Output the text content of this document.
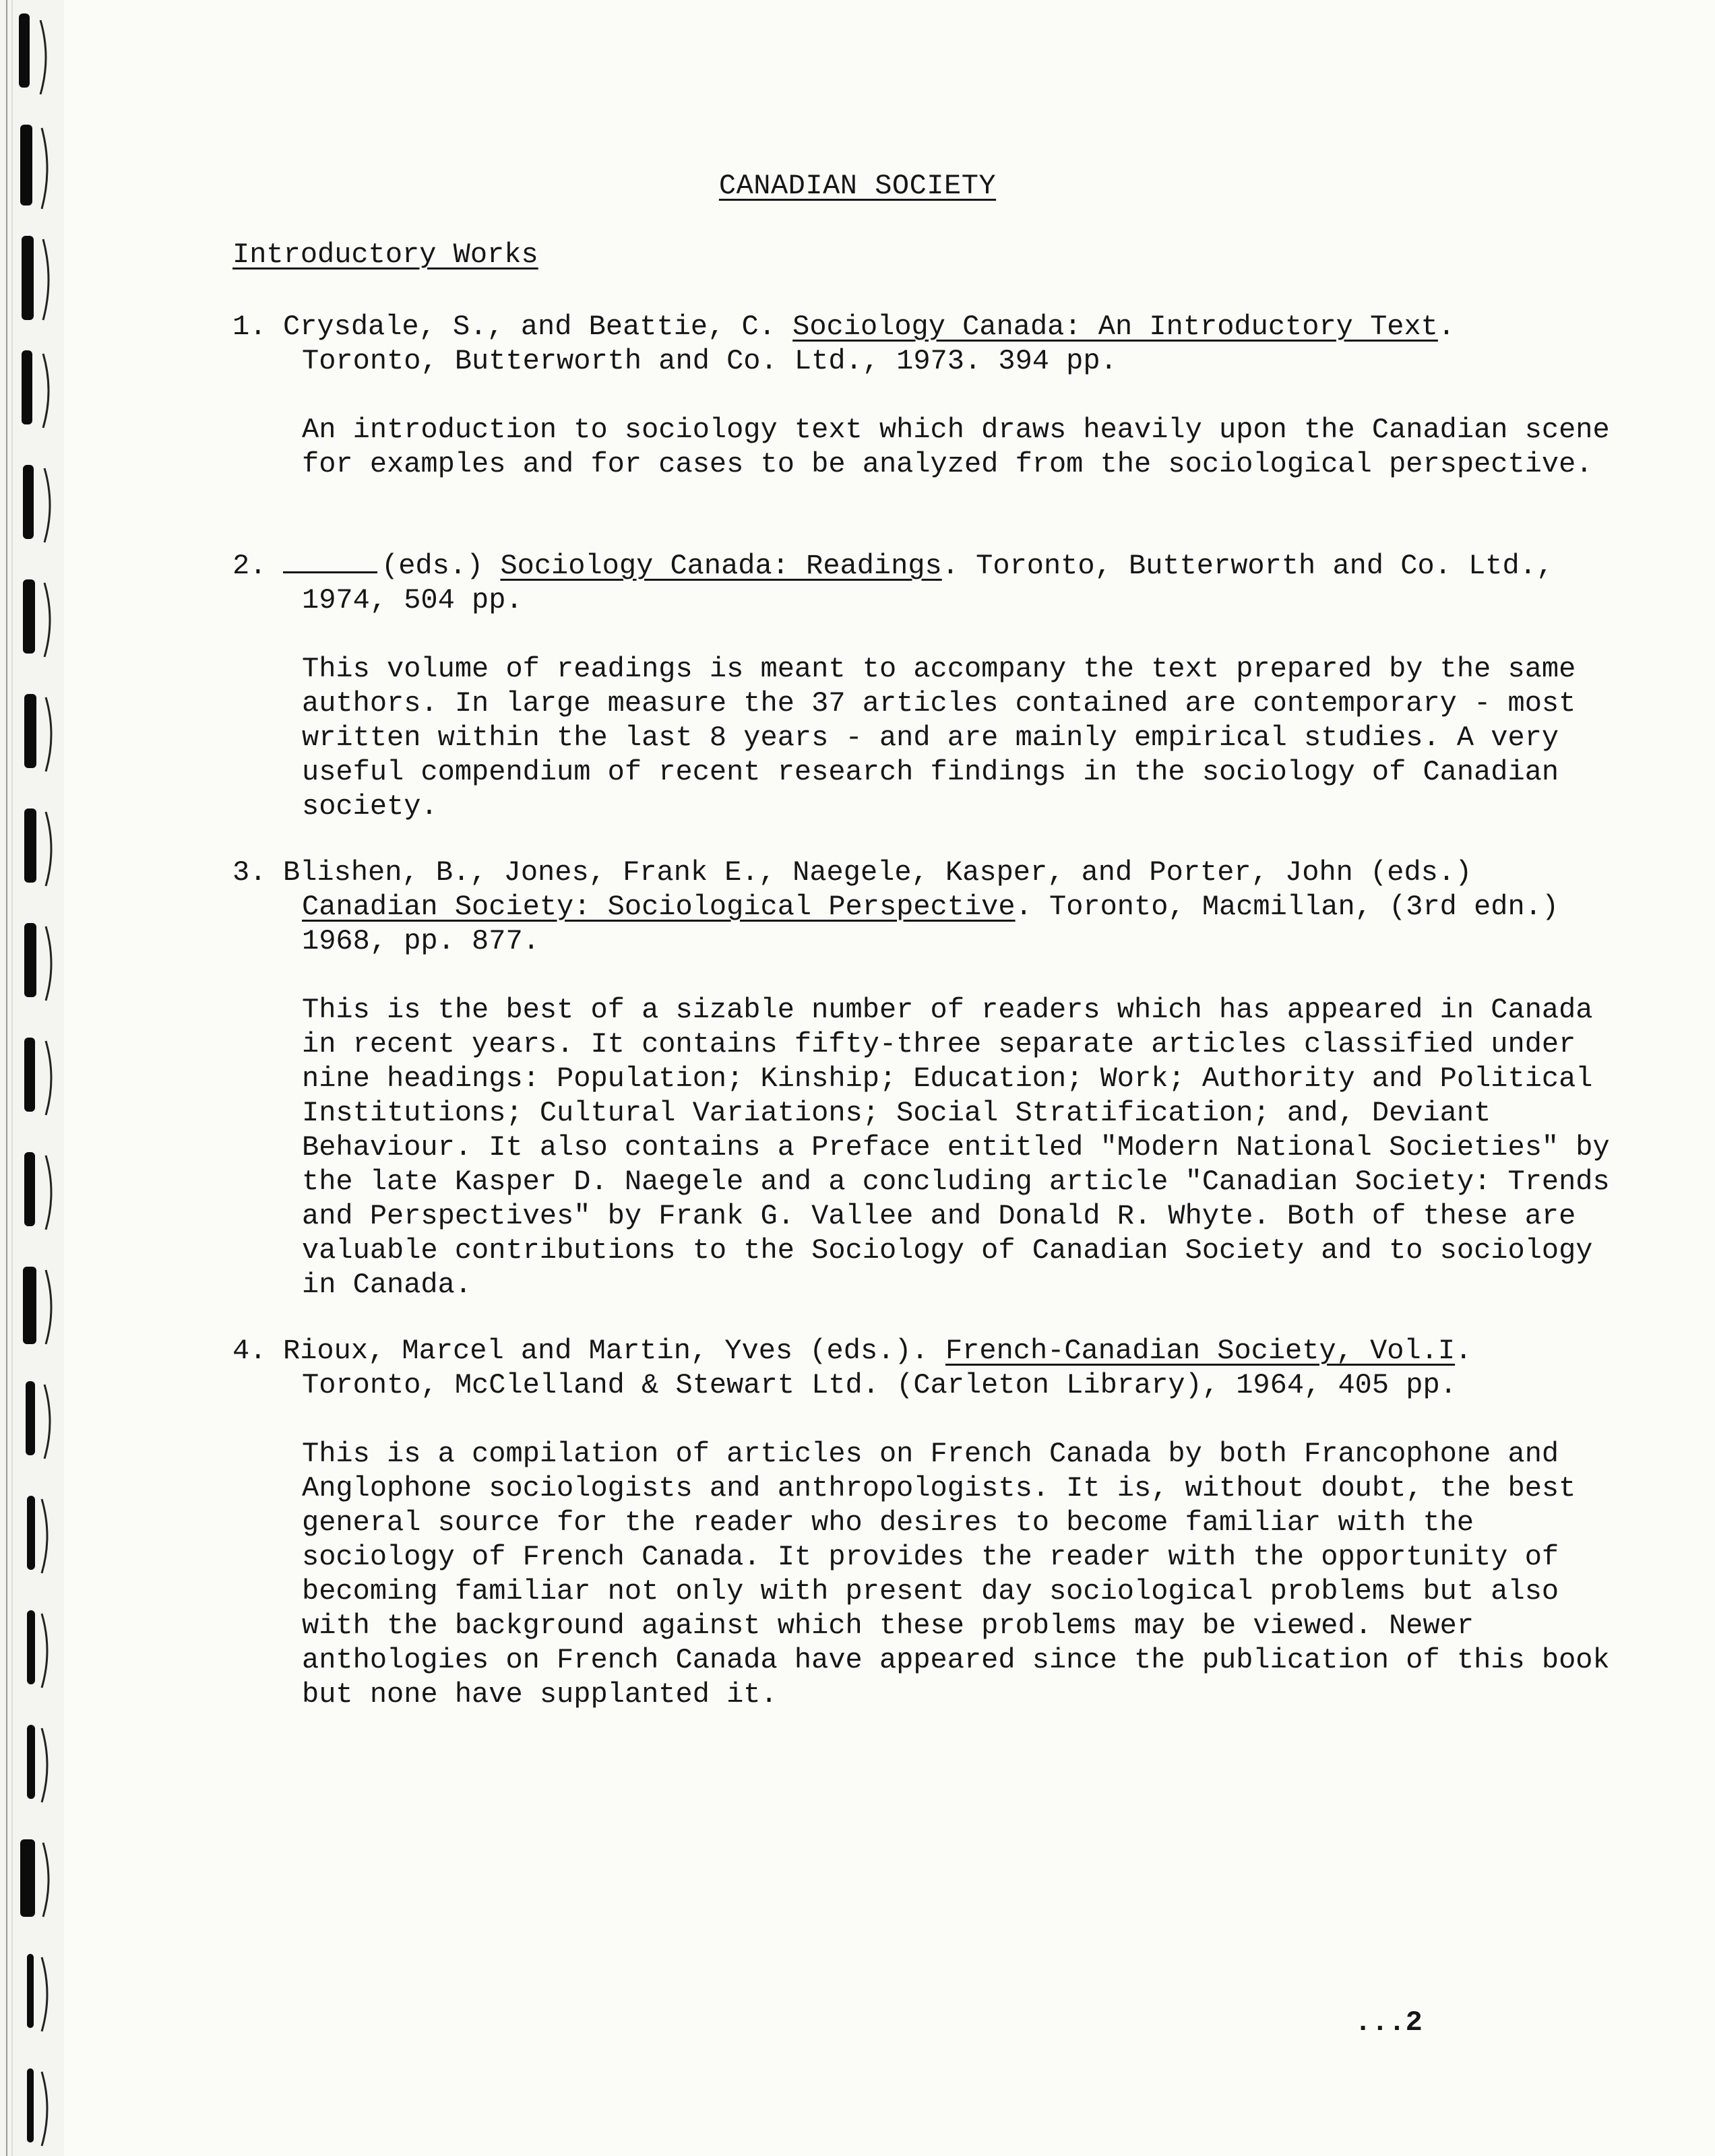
CANADIAN SOCIETY
Introductory Works
1. Crysdale, S., and Beattie, C. Sociology Canada: An Introductory Text. Toronto, Butterworth and Co. Ltd., 1973. 394 pp.
An introduction to sociology text which draws heavily upon the Canadian scene for examples and for cases to be analyzed from the sociological perspective.
2.	(eds.) Sociology Canada: Readings. Toronto, Butterworth and Co. Ltd., 1974, 504 pp.
This volume of readings is meant to accompany the text prepared by the same authors. In large measure the 37 articles contained are contemporary - most written within the last 8 years - and are mainly empirical studies. A very useful compendium of recent research findings in the sociology of Canadian society.
3. Blishen, B., Jones, Frank E., Naegele, Kasper, and Porter, John (eds.) Canadian Society: Sociological Perspective. Toronto, Macmillan, (3rd edn.) 1968, pp. 877.
This is the best of a sizable number of readers which has appeared in Canada in recent years. It contains fifty-three separate articles classified under nine headings: Population; Kinship; Education; Work; Authority and Political Institutions; Cultural Variations; Social Stratification; and, Deviant Behaviour. It also contains a Preface entitled "Modern National Societies" by the late Kasper D. Naegele and a concluding article "Canadian Society: Trends and Perspectives" by Frank G. Vallee and Donald R. Whyte. Both of these are valuable contributions to the Sociology of Canadian Society and to sociology in Canada.
4. Rioux, Marcel and Martin, Yves (eds.). French-Canadian Society, Vol.I. Toronto, McClelland & Stewart Ltd. (Carleton Library), 1964, 405 pp.
This is a compilation of articles on French Canada by both Francophone and Anglophone sociologists and anthropologists. It is, without doubt, the best general source for the reader who desires to become familiar with the sociology of French Canada. It provides the reader with the opportunity of becoming familiar not only with present day sociological problems but also with the background against which these problems may be viewed. Newer anthologies on French Canada have appeared since the publication of this book but none have supplanted it.
...2
